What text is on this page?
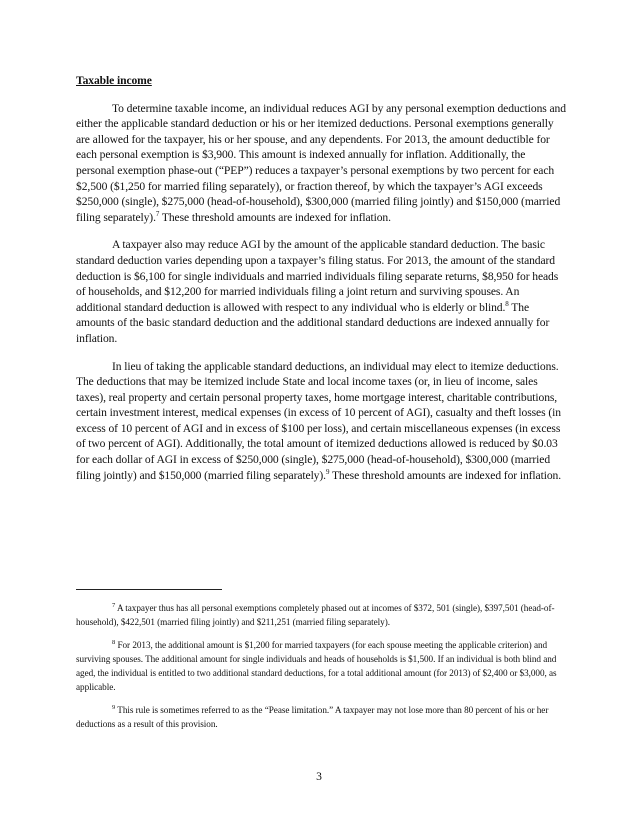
Taxable income

To determine taxable income, an individual reduces AGI by any personal exemption deductions and either the applicable standard deduction or his or her itemized deductions. Personal exemptions generally are allowed for the taxpayer, his or her spouse, and any dependents. For 2013, the amount deductible for each personal exemption is $3,900. This amount is indexed annually for inflation. Additionally, the personal exemption phase-out (“PEP”) reduces a taxpayer’s personal exemptions by two percent for each $2,500 ($1,250 for married filing separately), or fraction thereof, by which the taxpayer’s AGI exceeds $250,000 (single), $275,000 (head-of-household), $300,000 (married filing jointly) and $150,000 (married filing separately).$^7$ These threshold amounts are indexed for inflation.

A taxpayer also may reduce AGI by the amount of the applicable standard deduction. The basic standard deduction varies depending upon a taxpayer’s filing status. For 2013, the amount of the standard deduction is $6,100 for single individuals and married individuals filing separate returns, $8,950 for heads of households, and $12,200 for married individuals filing a joint return and surviving spouses. An additional standard deduction is allowed with respect to any individual who is elderly or blind.$^8$ The amounts of the basic standard deduction and the additional standard deductions are indexed annually for inflation.

In lieu of taking the applicable standard deductions, an individual may elect to itemize deductions. The deductions that may be itemized include State and local income taxes (or, in lieu of income, sales taxes), real property and certain personal property taxes, home mortgage interest, charitable contributions, certain investment interest, medical expenses (in excess of 10 percent of AGI), casualty and theft losses (in excess of 10 percent of AGI and in excess of $100 per loss), and certain miscellaneous expenses (in excess of two percent of AGI). Additionally, the total amount of itemized deductions allowed is reduced by $0.03 for each dollar of AGI in excess of $250,000 (single), $275,000 (head-of-household), $300,000 (married filing jointly) and $150,000 (married filing separately).$^9$ These threshold amounts are indexed for inflation.

$^7$ A taxpayer thus has all personal exemptions completely phased out at incomes of $372, 501 (single), $397,501 (head-of-household), $422,501 (married filing jointly) and $211,251 (married filing separately).

$^8$ For 2013, the additional amount is $1,200 for married taxpayers (for each spouse meeting the applicable criterion) and surviving spouses. The additional amount for single individuals and heads of households is $1,500. If an individual is both blind and aged, the individual is entitled to two additional standard deductions, for a total additional amount (for 2013) of $2,400 or $3,000, as applicable.

$^9$ This rule is sometimes referred to as the “Pease limitation.” A taxpayer may not lose more than 80 percent of his or her deductions as a result of this provision.

3
